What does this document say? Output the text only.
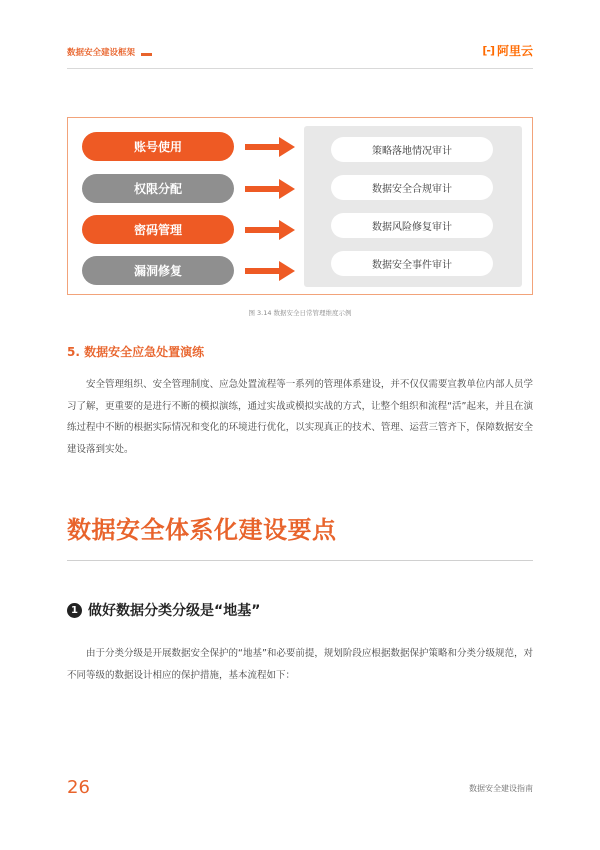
数据安全建设框架	[-] 阿里云
账号使用
权限分配
密码管理
漏洞修复
策略落地情况审计
数据安全合规审计
数据风险修复审计
数据安全事件审计
图 3.14 数据安全日常管理维度示例
5. 数据安全应急处置演练

安全管理组织、安全管理制度、应急处置流程等一系列的管理体系建设，并不仅仅需要宣教单位内部人员学习了解，更重要的是进行不断的模拟演练，通过实战或模拟实战的方式，让整个组织和流程“活”起来，并且在演练过程中不断的根据实际情况和变化的环境进行优化，以实现真正的技术、管理、运营三管齐下，保障数据安全建设落到实处。

数据安全体系化建设要点
1 做好数据分类分级是“地基”

由于分类分级是开展数据安全保护的“地基”和必要前提，规划阶段应根据数据保护策略和分类分级规范，对不同等级的数据设计相应的保护措施，基本流程如下：

26	数据安全建设指南
